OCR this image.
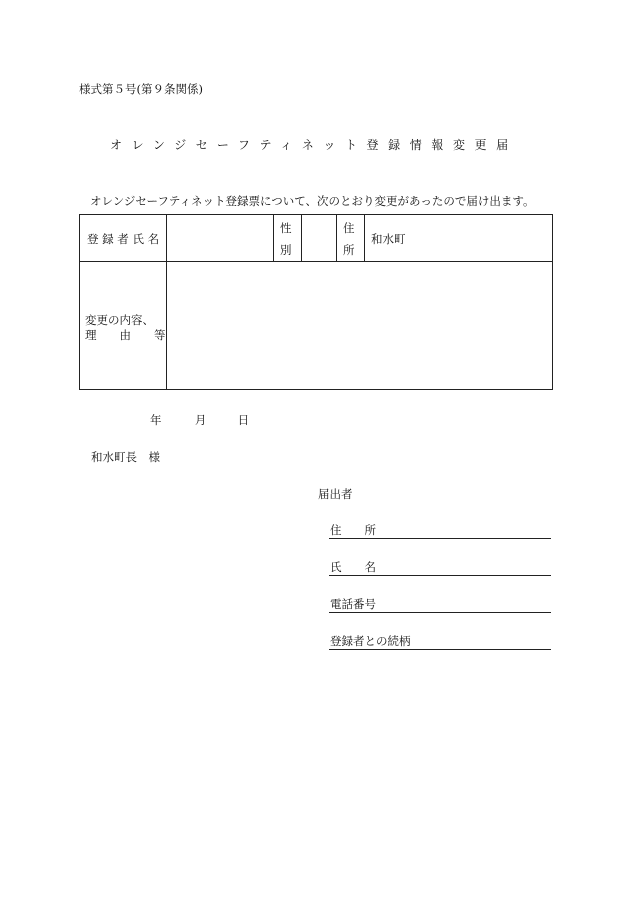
様式第５号(第９条関係)
オレンジセーフティネット登録情報変更届
オレンジセーフティネット登録票について、次のとおり変更があったので届け出ます。
登 録 者 氏 名
性
別
住
所
和水町
変更の内容、
理　　由　　等
年	月	日
和水町長　様
届出者
住　　所
氏　　名
電話番号
登録者との続柄
